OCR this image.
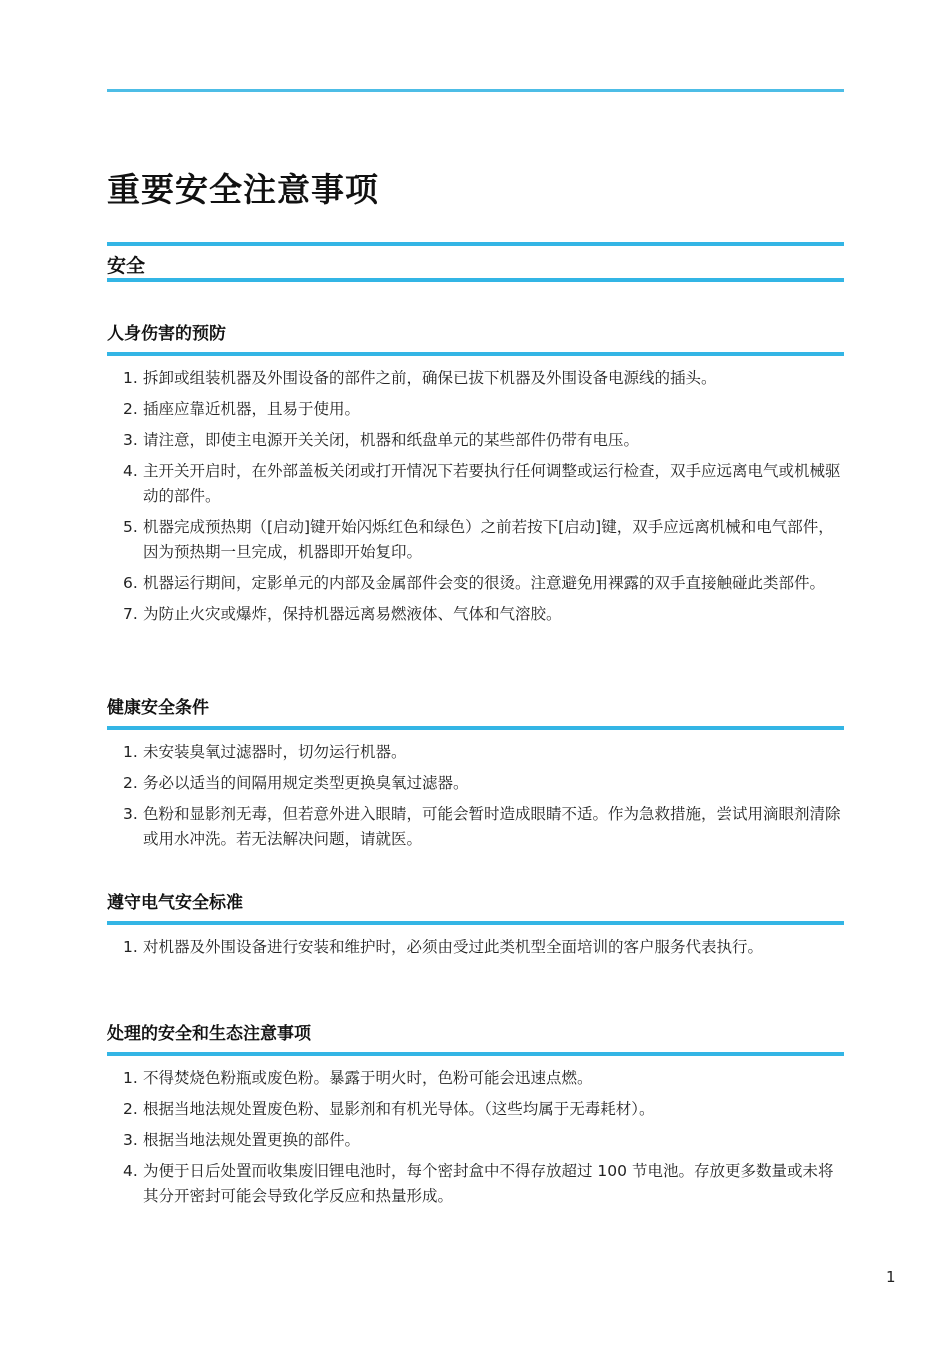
重要安全注意事项
安全
人身伤害的预防
1. 拆卸或组装机器及外围设备的部件之前，确保已拔下机器及外围设备电源线的插头。
2. 插座应靠近机器，且易于使用。
3. 请注意，即使主电源开关关闭，机器和纸盘单元的某些部件仍带有电压。
4. 主开关开启时，在外部盖板关闭或打开情况下若要执行任何调整或运行检查，双手应远离电气或机械驱动的部件。
5. 机器完成预热期（[启动]键开始闪烁红色和绿色）之前若按下[启动]键，双手应远离机械和电气部件，因为预热期一旦完成，机器即开始复印。
6. 机器运行期间，定影单元的内部及金属部件会变的很烫。注意避免用裸露的双手直接触碰此类部件。
7. 为防止火灾或爆炸，保持机器远离易燃液体、气体和气溶胶。
健康安全条件
1. 未安装臭氧过滤器时，切勿运行机器。
2. 务必以适当的间隔用规定类型更换臭氧过滤器。
3. 色粉和显影剂无毒，但若意外进入眼睛，可能会暂时造成眼睛不适。作为急救措施，尝试用滴眼剂清除或用水冲洗。若无法解决问题，请就医。
遵守电气安全标准
1. 对机器及外围设备进行安装和维护时，必须由受过此类机型全面培训的客户服务代表执行。
处理的安全和生态注意事项
1. 不得焚烧色粉瓶或废色粉。暴露于明火时，色粉可能会迅速点燃。
2. 根据当地法规处置废色粉、显影剂和有机光导体。（这些均属于无毒耗材）。
3. 根据当地法规处置更换的部件。
4. 为便于日后处置而收集废旧锂电池时，每个密封盒中不得存放超过 100 节电池。存放更多数量或未将其分开密封可能会导致化学反应和热量形成。
1
